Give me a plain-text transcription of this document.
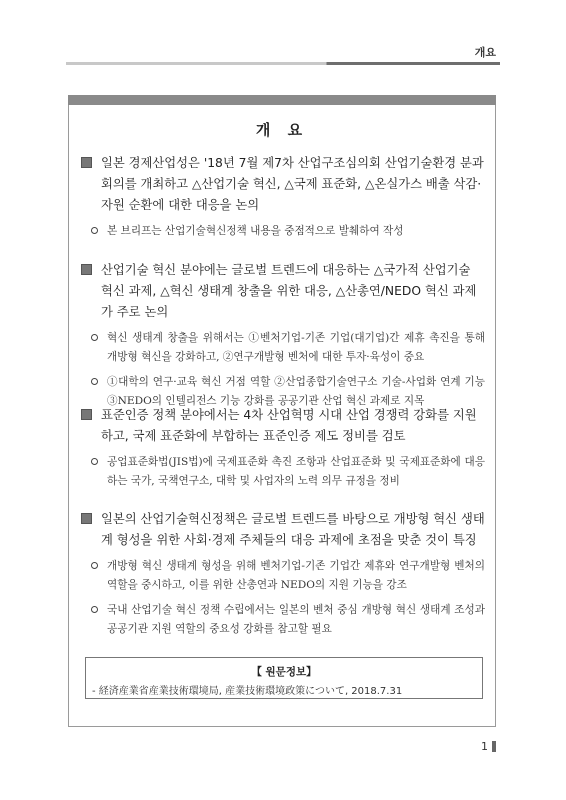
개요
개 요
일본 경제산업성은 '18년 7월 제7차 산업구조심의회 산업기술환경 분과회의를 개최하고 △산업기술 혁신, △국제 표준화, △온실가스 배출 삭감·자원 순환에 대한 대응을 논의
본 브리프는 산업기술혁신정책 내용을 중점적으로 발췌하여 작성
산업기술 혁신 분야에는 글로벌 트렌드에 대응하는 △국가적 산업기술 혁신 과제, △혁신 생태계 창출을 위한 대응, △산총연/NEDO 혁신 과제가 주로 논의
혁신 생태계 창출을 위해서는 ①벤처기업-기존 기업(대기업)간 제휴 촉진을 통해 개방형 혁신을 강화하고, ②연구개발형 벤처에 대한 투자·육성이 중요
①대학의 연구·교육 혁신 거점 역할 ②산업종합기술연구소 기술-사업화 연계 기능 ③NEDO의 인텔리전스 기능 강화를 공공기관 산업 혁신 과제로 지목
표준인증 정책 분야에서는 4차 산업혁명 시대 산업 경쟁력 강화를 지원하고, 국제 표준화에 부합하는 표준인증 제도 정비를 검토
공업표준화법(JIS법)에 국제표준화 촉진 조항과 산업표준화 및 국제표준화에 대응하는 국가, 국책연구소, 대학 및 사업자의 노력 의무 규정을 정비
일본의 산업기술혁신정책은 글로벌 트렌드를 바탕으로 개방형 혁신 생태계 형성을 위한 사회·경제 주체들의 대응 과제에 초점을 맞춘 것이 특징
개방형 혁신 생태계 형성을 위해 벤처기업-기존 기업간 제휴와 연구개발형 벤처의 역할을 중시하고, 이를 위한 산총연과 NEDO의 지원 기능을 강조
국내 산업기술 혁신 정책 수립에서는 일본의 벤처 중심 개방형 혁신 생태계 조성과 공공기관 지원 역할의 중요성 강화를 참고할 필요
【 원문정보】
- 経済産業省産業技術環境局, 産業技術環境政策について, 2018.7.31
1
